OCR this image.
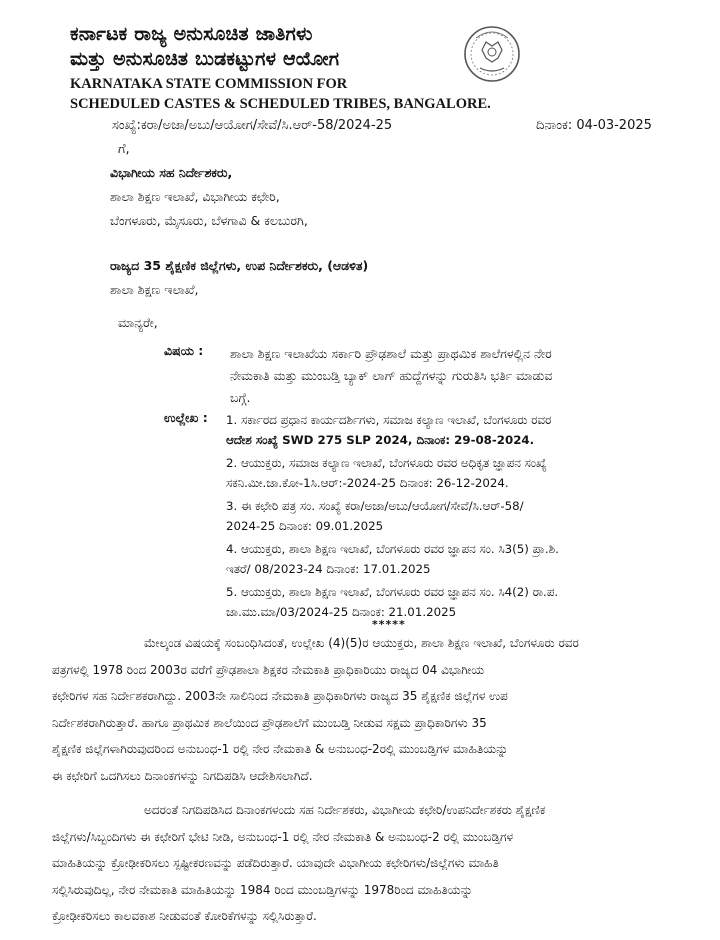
ಕರ್ನಾಟಕ ರಾಜ್ಯ ಅನುಸೂಚಿತ ಜಾತಿಗಳು
ಮತ್ತು ಅನುಸೂಚಿತ ಬುಡಕಟ್ಟುಗಳ ಆಯೋಗ
KARNATAKA STATE COMMISSION FOR
SCHEDULED CASTES & SCHEDULED TRIBES, BANGALORE.
ಸಂಖ್ಯೆ:ಕರಾ/ಅಜಾ/ಅಬು/ಆಯೋಗ/ಸೇವೆ/ಸಿ.ಆರ್-58/2024-25	ದಿನಾಂಕ: 04-03-2025
ಗೆ,
ವಿಭಾಗೀಯ ಸಹ ನಿರ್ದೇಶಕರು,
ಶಾಲಾ ಶಿಕ್ಷಣ ಇಲಾಖೆ, ವಿಭಾಗೀಯ ಕಛೇರಿ,
ಬೆಂಗಳೂರು, ಮೈಸೂರು, ಬೆಳಗಾವಿ & ಕಲಬುರಗಿ,
ರಾಜ್ಯದ 35 ಶೈಕ್ಷಣಿಕ ಜಿಲ್ಲೆಗಳು, ಉಪ ನಿರ್ದೇಶಕರು, (ಆಡಳಿತ)
ಶಾಲಾ ಶಿಕ್ಷಣ ಇಲಾಖೆ,
ಮಾನ್ಯರೇ,
ವಿಷಯ : ಶಾಲಾ ಶಿಕ್ಷಣ ಇಲಾಖೆಯ ಸರ್ಕಾರಿ ಪ್ರೌಢಶಾಲೆ ಮತ್ತು ಪ್ರಾಥಮಿಕ ಶಾಲೆಗಳಲ್ಲಿನ ನೇರ
ನೇಮಕಾತಿ ಮತ್ತು ಮುಂಬಡ್ತಿ ಬ್ಯಾಕ್ ಲಾಗ್ ಹುದ್ದೆಗಳನ್ನು ಗುರುತಿಸಿ ಭರ್ತಿ ಮಾಡುವ
ಬಗ್ಗೆ.
ಉಲ್ಲೇಖ : 1. ಸರ್ಕಾರದ ಪ್ರಧಾನ ಕಾರ್ಯದರ್ಶಿಗಳು, ಸಮಾಜ ಕಲ್ಯಾಣ ಇಲಾಖೆ, ಬೆಂಗಳೂರು ರವರ
ಆದೇಶ ಸಂಖ್ಯೆ SWD 275 SLP 2024, ದಿನಾಂಕ: 29-08-2024.
2. ಆಯುಕ್ತರು, ಸಮಾಜ ಕಲ್ಯಾಣ ಇಲಾಖೆ, ಬೆಂಗಳೂರು ರವರ ಅಧಿಕೃತ ಜ್ಞಾಪನ ಸಂಖ್ಯೆ
ಸಕನಿ.ಮೀ.ಜಾ.ಕೋ-1ಸಿ.ಆರ್:-2024-25 ದಿನಾಂಕ: 26-12-2024.
3. ಈ ಕಛೇರಿ ಪತ್ರ ಸಂ. ಸಂಖ್ಯೆ ಕರಾ/ಅಜಾ/ಅಬು/ಆಯೋಗ/ಸೇವೆ/ಸಿ.ಆರ್-58/
2024-25 ದಿನಾಂಕ: 09.01.2025
4. ಆಯುಕ್ತರು, ಶಾಲಾ ಶಿಕ್ಷಣ ಇಲಾಖೆ, ಬೆಂಗಳೂರು ರವರ ಜ್ಞಾಪನ ಸಂ. ಸಿ3(5) ಪ್ರಾ.ಶಿ.
ಇತರೆ/ 08/2023-24 ದಿನಾಂಕ: 17.01.2025
5. ಆಯುಕ್ತರು, ಶಾಲಾ ಶಿಕ್ಷಣ ಇಲಾಖೆ, ಬೆಂಗಳೂರು ರವರ ಜ್ಞಾಪನ ಸಂ. ಸಿ4(2) ರಾ.ಪ.
ಜಾ.ಮು.ಮಾ/03/2024-25 ದಿನಾಂಕ: 21.01.2025
*****
ಮೇಲ್ಕಂಡ ವಿಷಯಕ್ಕೆ ಸಂಬಂಧಿಸಿದಂತೆ, ಉಲ್ಲೇಖ (4)(5)ರ ಆಯುಕ್ತರು, ಶಾಲಾ ಶಿಕ್ಷಣ ಇಲಾಖೆ, ಬೆಂಗಳೂರು ರವರ
ಪತ್ರಗಳಲ್ಲಿ 1978 ರಿಂದ 2003ರ ವರೆಗೆ ಪ್ರೌಢಶಾಲಾ ಶಿಕ್ಷಕರ ನೇಮಕಾತಿ ಪ್ರಾಧಿಕಾರಿಯು ರಾಜ್ಯದ 04 ವಿಭಾಗೀಯ
ಕಛೇರಿಗಳ ಸಹ ನಿರ್ದೇಶಕರಾಗಿದ್ದು. 2003ನೇ ಸಾಲಿನಿಂದ ನೇಮಕಾತಿ ಪ್ರಾಧಿಕಾರಿಗಳು ರಾಜ್ಯದ 35 ಶೈಕ್ಷಣಿಕ ಜಿಲ್ಲೆಗಳ ಉಪ
ನಿರ್ದೇಶಕರಾಗಿರುತ್ತಾರೆ. ಹಾಗೂ ಪ್ರಾಥಮಿಕ ಶಾಲೆಯಿಂದ ಪ್ರೌಢಶಾಲೆಗೆ ಮುಂಬಡ್ತಿ ನೀಡುವ ಸಕ್ಷಮ ಪ್ರಾಧಿಕಾರಿಗಳು 35
ಶೈಕ್ಷಣಿಕ ಜಿಲ್ಲೆಗಳಾಗಿರುವುದರಿಂದ ಅನುಬಂಧ-1 ರಲ್ಲಿ ನೇರ ನೇಮಕಾತಿ & ಅನುಬಂಧ-2ರಲ್ಲಿ ಮುಂಬಡ್ತಿಗಳ ಮಾಹಿತಿಯನ್ನು
ಈ ಕಛೇರಿಗೆ ಒದಗಿಸಲು ದಿನಾಂಕಗಳನ್ನು ನಿಗದಿಪಡಿಸಿ ಆದೇಶಿಸಲಾಗಿದೆ.
ಅದರಂತೆ ನಿಗದಿಪಡಿಸಿದ ದಿನಾಂಕಗಳಂದು ಸಹ ನಿರ್ದೇಶಕರು, ವಿಭಾಗೀಯ ಕಛೇರಿ/ಉಪನಿರ್ದೇಶಕರು ಶೈಕ್ಷಣಿಕ
ಜಿಲ್ಲೆಗಳು/ಸಿಬ್ಬಂದಿಗಳು ಈ ಕಛೇರಿಗೆ ಭೇಟಿ ನೀಡಿ, ಅನುಬಂಧ-1 ರಲ್ಲಿ ನೇರ ನೇಮಕಾತಿ & ಅನುಬಂಧ-2 ರಲ್ಲಿ ಮುಂಬಡ್ತಿಗಳ
ಮಾಹಿತಿಯನ್ನು ಕ್ರೋಢೀಕರಿಸಲು ಸ್ಪಷ್ಟೀಕರಣವನ್ನು ಪಡೆದಿರುತ್ತಾರೆ. ಯಾವುದೇ ವಿಭಾಗೀಯ ಕಛೇರಿಗಳು/ಜಿಲ್ಲೆಗಳು ಮಾಹಿತಿ
ಸಲ್ಲಿಸಿರುವುದಿಲ್ಲ, ನೇರ ನೇಮಕಾತಿ ಮಾಹಿತಿಯನ್ನು 1984 ರಿಂದ ಮುಂಬಡ್ತಿಗಳನ್ನು 1978ರಿಂದ ಮಾಹಿತಿಯನ್ನು
ಕ್ರೋಢೀಕರಿಸಲು ಕಾಲವಕಾಶ ನೀಡುವಂತೆ ಕೋರಿಕೆಗಳನ್ನು ಸಲ್ಲಿಸಿರುತ್ತಾರೆ.
